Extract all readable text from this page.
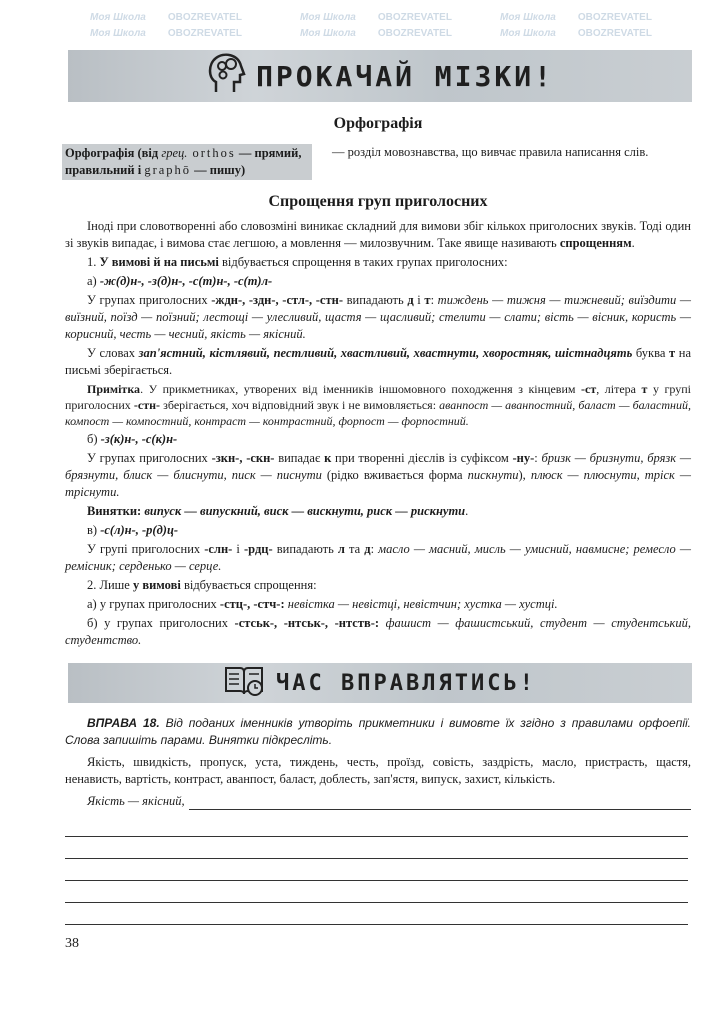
Моя Школа OBOZREVATEL	Моя Школа OBOZREVATEL	Моя Школа OBOZREVATEL
Моя Школа OBOZREVATEL	Моя Школа OBOZREVATEL	Моя Школа OBOZREVATEL
ПРОКАЧАЙ МІЗКИ!
Орфографія
Орфографія (від грец. orthos — прямий, правильний і graphō — пишу)
— розділ мовознавства, що вивчає правила написання слів.
Спрощення груп приголосних

Іноді при словотворенні або словозміні виникає складний для вимови збіг кількох приголосних звуків. Тоді один зі звуків випадає, і вимова стає легшою, а мовлення — милозвучним. Таке явище називають спрощенням.

1. У вимові й на письмі відбувається спрощення в таких групах приголосних:

а) -ж(д)н-, -з(д)н-, -с(т)н-, -с(т)л-

У групах приголосних -ждн-, -здн-, -стл-, -стн- випадають д і т: тиждень — тижня — тижневий; виїздити — виїзний, поїзд — поїзний; лестощі — улесливий, щастя — щасливий; стелити — слати; вість — вісник, користь — корисний, честь — чесний, якість — якісний.

У словах зап'ястний, кістлявий, пестливий, хвастливий, хвастнути, хворостняк, шістнадцять буква т на письмі зберігається.

Примітка. У прикметниках, утворених від іменників іншомовного походження з кінцевим -ст, літера т у групі приголосних -стн- зберігається, хоч відповідний звук і не вимовляється: аванпост — аванпостний, баласт — баластний, компост — компостний, контраст — контрастний, форпост — форпостний.

б) -з(к)н-, -с(к)н-

У групах приголосних -зкн-, -скн- випадає к при творенні дієслів із суфіксом -ну-: бризк — бризнути, брязк — брязнути, блиск — блиснути, писк — писнути (рідко вживається форма пискнути), плюск — плюснути, тріск — тріснути.

Винятки: випуск — випускний, виск — вискнути, риск — рискнути.

в) -с(л)н-, -р(д)ц-

У групі приголосних -слн- і -рдц- випадають л та д: масло — масний, мисль — умисний, навмисне; ремесло — ремісник; серденько — серце.

2. Лише у вимові відбувається спрощення:

а) у групах приголосних -стц-, -стч-: невістка — невістці, невістчин; хустка — хустці.

б) у групах приголосних -стськ-, -нтськ-, -нтств-: фашист — фашистський, студент — студентський, студентство.

ЧАС ВПРАВЛЯТИСЬ!

ВПРАВА 18. Від поданих іменників утворіть прикметники і вимовте їх згідно з правилами орфоепії. Слова запишіть парами. Винятки підкресліть.

Якість, швидкість, пропуск, уста, тиждень, честь, проїзд, совість, заздрість, масло, пристрасть, щастя, ненависть, вартість, контраст, аванпост, баласт, доблесть, зап'ястя, випуск, захист, кількість.

Якість — якісний,

38
